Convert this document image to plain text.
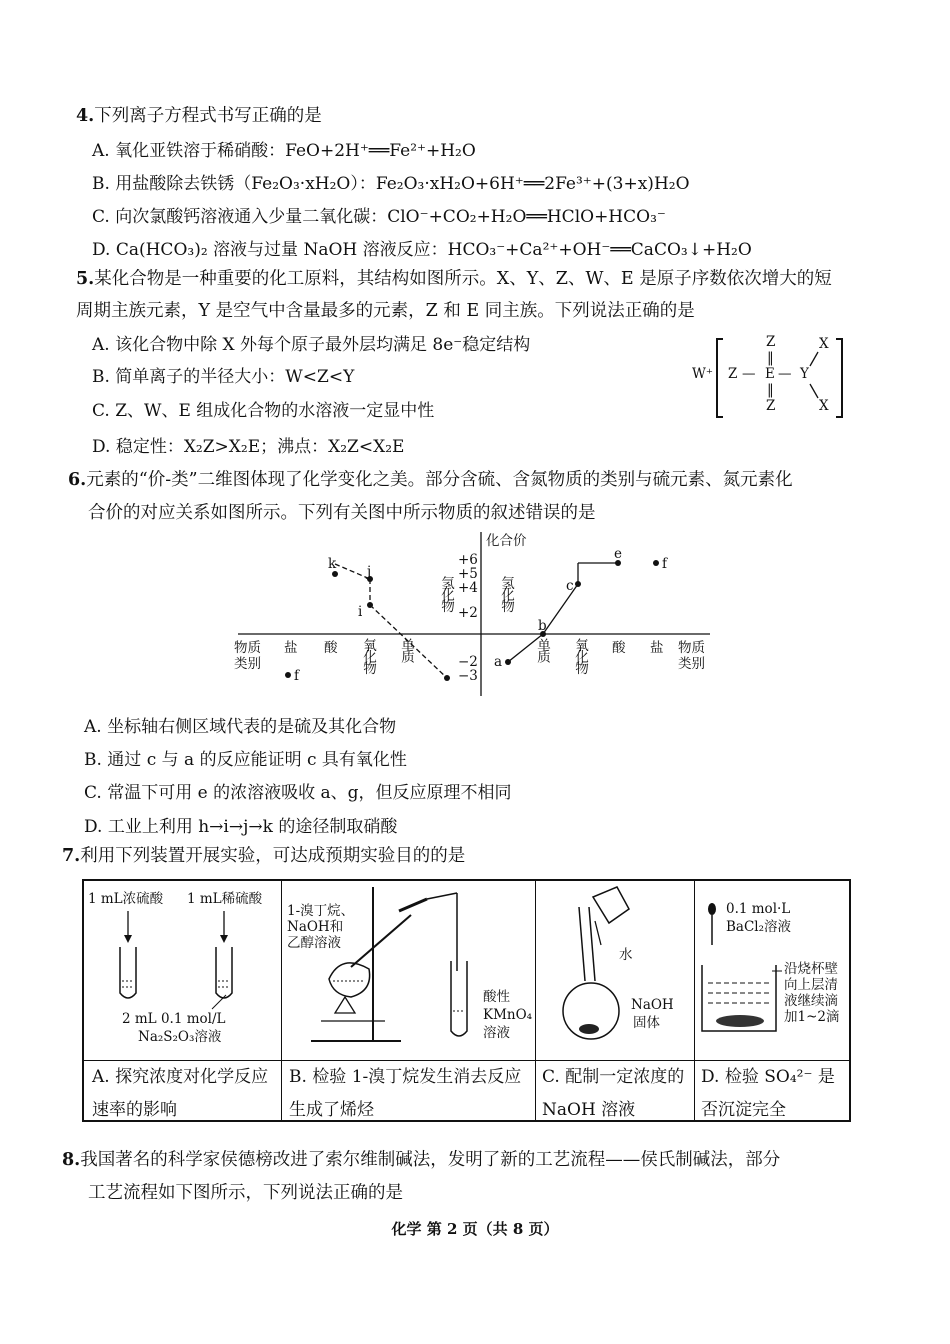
4.下列离子方程式书写正确的是
A. 氧化亚铁溶于稀硝酸：FeO+2H⁺══Fe²⁺+H₂O
B. 用盐酸除去铁锈（Fe₂O₃·xH₂O）：Fe₂O₃·xH₂O+6H⁺══2Fe³⁺+(3+x)H₂O
C. 向次氯酸钙溶液通入少量二氧化碳：ClO⁻+CO₂+H₂O══HClO+HCO₃⁻
D. Ca(HCO₃)₂ 溶液与过量 NaOH 溶液反应：HCO₃⁻+Ca²⁺+OH⁻══CaCO₃↓+H₂O
5.某化合物是一种重要的化工原料，其结构如图所示。X、Y、Z、W、E 是原子序数依次增大的短
周期主族元素，Y 是空气中含量最多的元素，Z 和 E 同主族。下列说法正确的是
A. 该化合物中除 X 外每个原子最外层均满足 8e⁻稳定结构
B. 简单离子的半径大小：W<Z<Y
C. Z、W、E 组成化合物的水溶液一定显中性
D. 稳定性：X₂Z>X₂E；沸点：X₂Z<X₂E
W⁺
Z
‖
Z — E — Y
‖
Z
X
X
6.元素的“价-类”二维图体现了化学变化之美。部分含硫、含氮物质的类别与硫元素、氮元素化
合价的对应关系如图所示。下列有关图中所示物质的叙述错误的是
化合价
+6
+5
+4
+2
−2
−3
氢化物	氢化物
物质类别
盐 酸 氧化物 单质	单质 氧化物 酸 盐 物质类别
k j
i
f
a
b
c
e
f
A. 坐标轴右侧区域代表的是硫及其化合物
B. 通过 c 与 a 的反应能证明 c 具有氧化性
C. 常温下可用 e 的浓溶液吸收 a、g，但反应原理不相同
D. 工业上利用 h→i→j→k 的途径制取硝酸
7.利用下列装置开展实验，可达成预期实验目的的是
1 mL浓硫酸 1 mL稀硫酸
2 mL 0.1 mol/L
Na₂S₂O₃溶液
1-溴丁烷、
NaOH和
乙醇溶液
酸性
KMnO₄
溶液
水
NaOH
固体
0.1 mol·L
BaCl₂溶液
沿烧杯壁
向上层清
液继续滴
加1~2滴
A. 探究浓度对化学反应速率的影响
B. 检验 1-溴丁烷发生消去反应生成了烯烃
C. 配制一定浓度的 NaOH 溶液
D. 检验 SO₄²⁻ 是否沉淀完全
8.我国著名的科学家侯德榜改进了索尔维制碱法，发明了新的工艺流程——侯氏制碱法，部分
工艺流程如下图所示，下列说法正确的是
化学 第 2 页（共 8 页）
